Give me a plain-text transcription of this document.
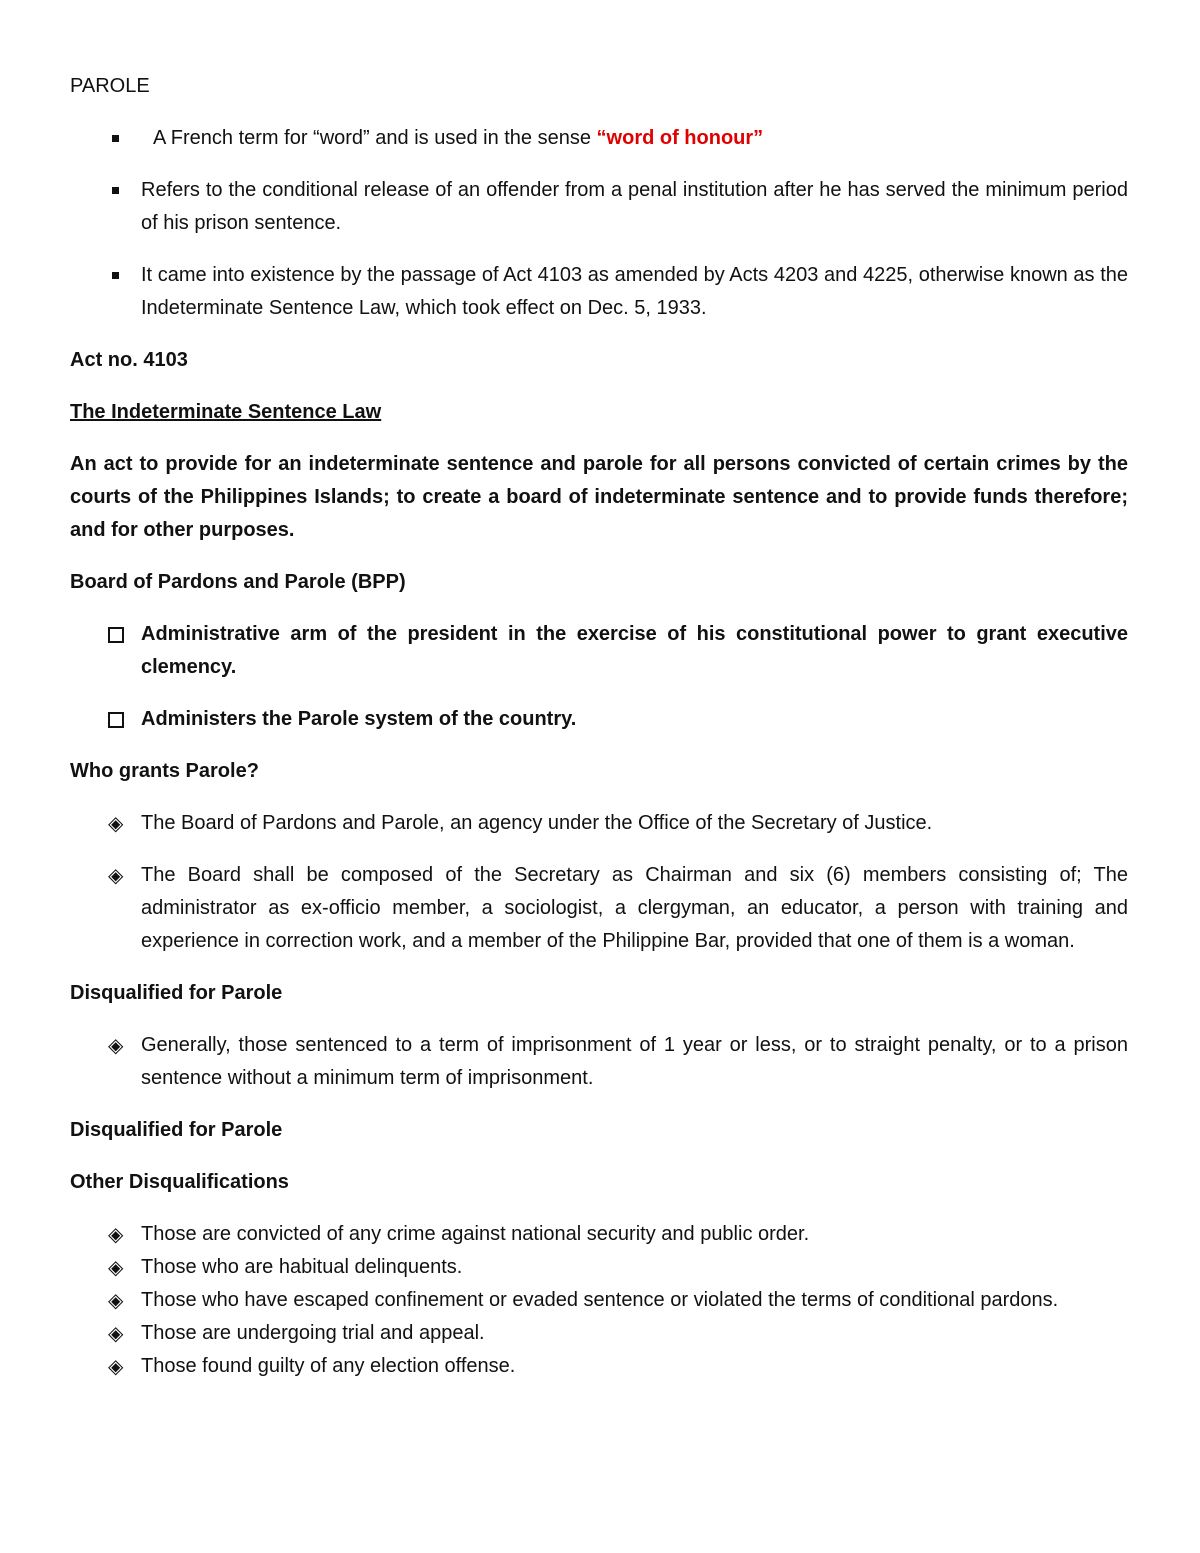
PAROLE

A French term for “word” and is used in the sense “word of honour”
Refers to the conditional release of an offender from a penal institution after he has served the minimum period of his prison sentence.
It came into existence by the passage of Act 4103 as amended by Acts 4203 and 4225, otherwise known as the Indeterminate Sentence Law, which took effect on Dec. 5, 1933.

Act no. 4103

The Indeterminate Sentence Law

An act to provide for an indeterminate sentence and parole for all persons convicted of certain crimes by the courts of the Philippines Islands; to create a board of indeterminate sentence and to provide funds therefore; and for other purposes.

Board of Pardons and Parole (BPP)

Administrative arm of the president in the exercise of his constitutional power to grant executive clemency.
Administers the Parole system of the country.

Who grants Parole?

◈ The Board of Pardons and Parole, an agency under the Office of the Secretary of Justice.
◈ The Board shall be composed of the Secretary as Chairman and six (6) members consisting of; The administrator as ex-officio member, a sociologist, a clergyman, an educator, a person with training and experience in correction work, and a member of the Philippine Bar, provided that one of them is a woman.

Disqualified for Parole

◈ Generally, those sentenced to a term of imprisonment of 1 year or less, or to straight penalty, or to a prison sentence without a minimum term of imprisonment.

Disqualified for Parole

Other Disqualifications

◈ Those are convicted of any crime against national security and public order.
◈ Those who are habitual delinquents.
◈ Those who have escaped confinement or evaded sentence or violated the terms of conditional pardons.
◈ Those are undergoing trial and appeal.
◈ Those found guilty of any election offense.
